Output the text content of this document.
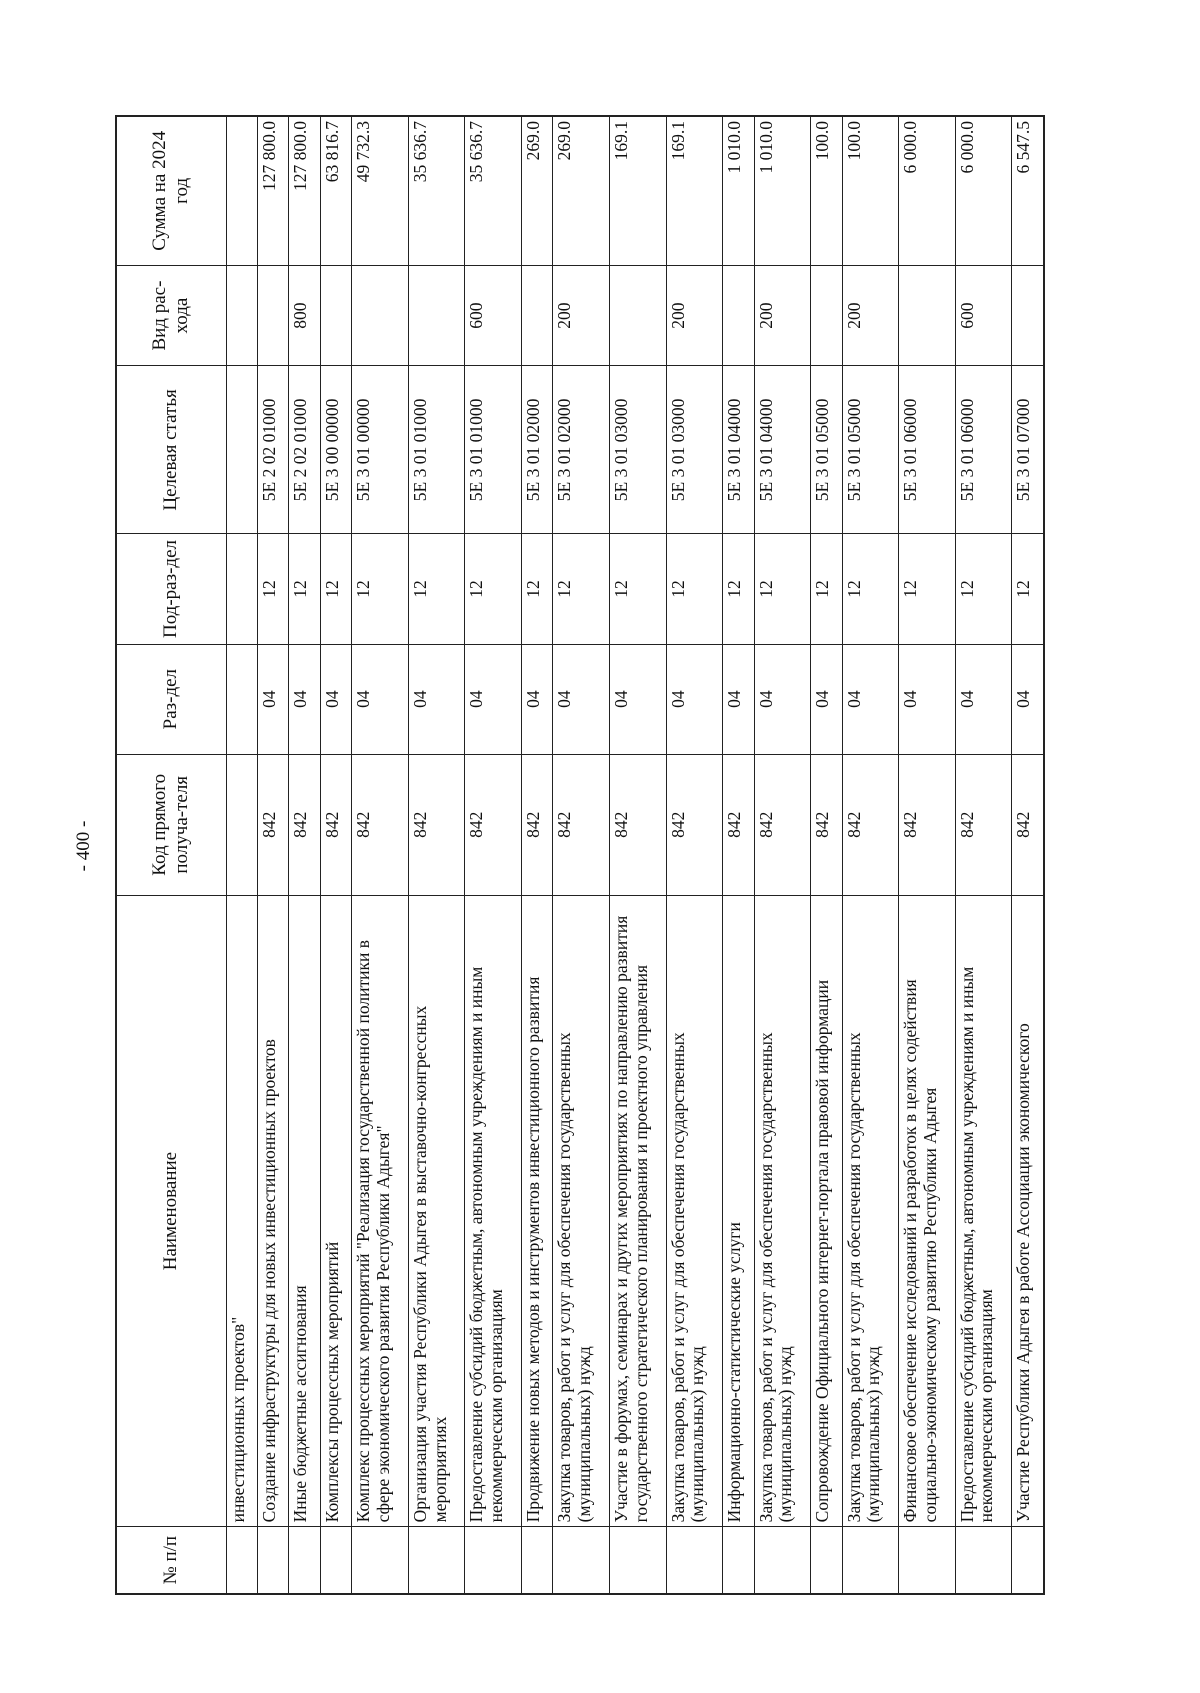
- 400 -
№ п/п	Наименование	Код прямого получа-теля	Раз-дел	Под-раз-дел	Целевая статья	Вид рас-хода	Сумма на 2024 год
	инвестиционных проектов"						
	Создание инфраструктуры для новых инвестиционных проектов	842	04	12	5E 2 02 01000		127 800.0
	Иные бюджетные ассигнования	842	04	12	5E 2 02 01000	800	127 800.0
	Комплексы процессных мероприятий	842	04	12	5E 3 00 00000		63 816.7
	Комплекс процессных мероприятий "Реализация государственной политики в сфере экономического развития Республики Адыгея"	842	04	12	5E 3 01 00000		49 732.3
	Организация участия Республики Адыгея в выставочно-конгрессных мероприятиях	842	04	12	5E 3 01 01000		35 636.7
	Предоставление субсидий бюджетным, автономным учреждениям и иным некоммерческим организациям	842	04	12	5E 3 01 01000	600	35 636.7
	Продвижение новых методов и инструментов инвестиционного развития	842	04	12	5E 3 01 02000		269.0
	Закупка товаров, работ и услуг для обеспечения государственных (муниципальных) нужд	842	04	12	5E 3 01 02000	200	269.0
	Участие в форумах, семинарах и других мероприятиях по направлению развития государственного стратегического планирования и проектного управления	842	04	12	5E 3 01 03000		169.1
	Закупка товаров, работ и услуг для обеспечения государственных (муниципальных) нужд	842	04	12	5E 3 01 03000	200	169.1
	Информационно-статистические услуги	842	04	12	5E 3 01 04000		1 010.0
	Закупка товаров, работ и услуг для обеспечения государственных (муниципальных) нужд	842	04	12	5E 3 01 04000	200	1 010.0
	Сопровождение Официального интернет-портала правовой информации	842	04	12	5E 3 01 05000		100.0
	Закупка товаров, работ и услуг для обеспечения государственных (муниципальных) нужд	842	04	12	5E 3 01 05000	200	100.0
	Финансовое обеспечение исследований и разработок в целях содействия социально-экономическому развитию Республики Адыгея	842	04	12	5E 3 01 06000		6 000.0
	Предоставление субсидий бюджетным, автономным учреждениям и иным некоммерческим организациям	842	04	12	5E 3 01 06000	600	6 000.0
	Участие Республики Адыгея в работе Ассоциации экономического	842	04	12	5E 3 01 07000		6 547.5
